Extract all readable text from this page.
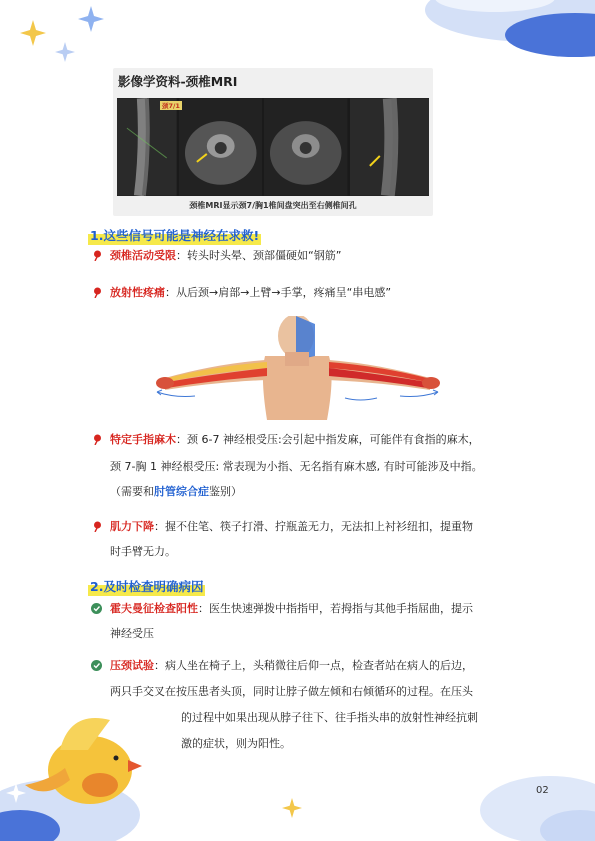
影像学资料-颈椎MRI
颈7/1
颈椎MRI显示颈7/胸1椎间盘突出至右侧椎间孔
1.这些信号可能是神经在求救!
颈椎活动受限：转头时头晕、颈部僵硬如“钢筋”
放射性疼痛：从后颈→肩部→上臂→手掌，疼痛呈“串电感”
特定手指麻木：颈 6-7 神经根受压:会引起中指发麻，可能伴有食指的麻木，
颈 7-胸 1 神经根受压: 常表现为小指、无名指有麻木感, 有时可能涉及中指。
（需要和肘管综合症鉴别）
肌力下降：握不住笔、筷子打滑、拧瓶盖无力，无法扣上衬衫纽扣，提重物
时手臂无力。
2.及时检查明确病因
霍夫曼征检查阳性：医生快速弹拨中指指甲，若拇指与其他手指屈曲，提示
神经受压
压颈试验：病人坐在椅子上，头稍微往后仰一点，检查者站在病人的后边，
两只手交叉在按压患者头顶，同时让脖子做左倾和右倾循环的过程。在压头
的过程中如果出现从脖子往下、往手指头串的放射性神经抗刺
激的症状，则为阳性。
02
